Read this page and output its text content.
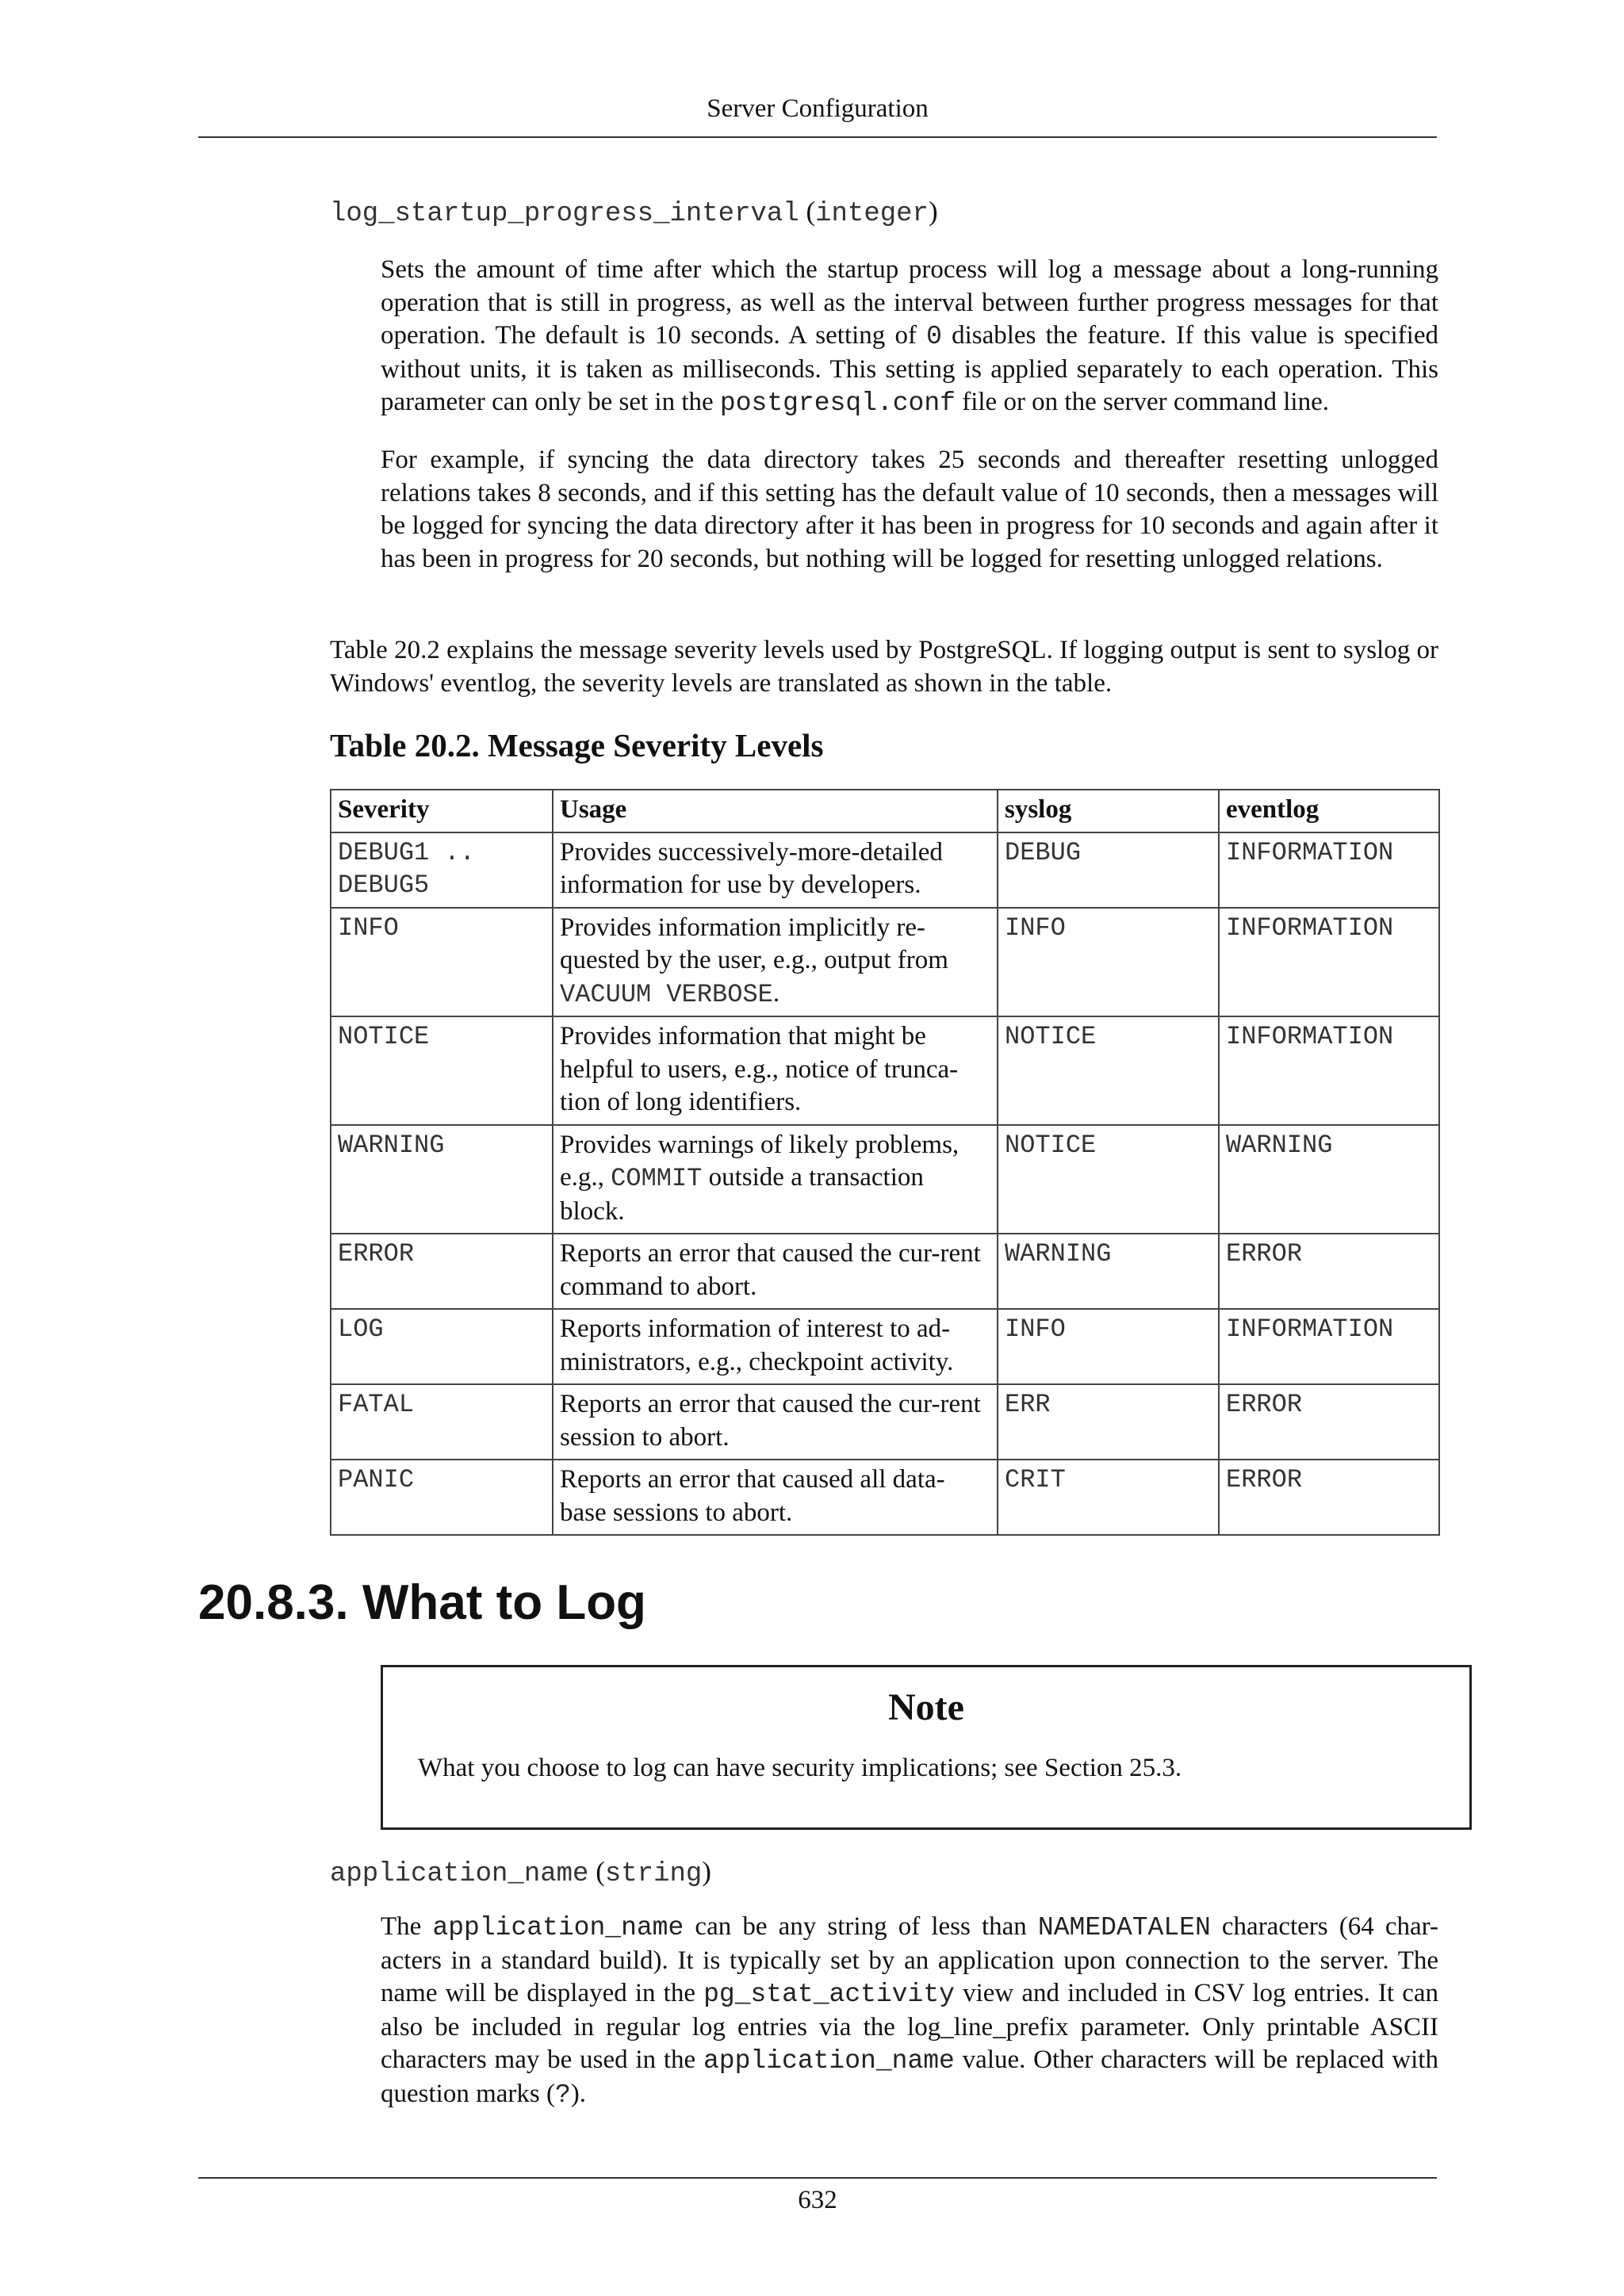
Server Configuration
log_startup_progress_interval (integer)
Sets the amount of time after which the startup process will log a message about a long-running operation that is still in progress, as well as the interval between further progress messages for that operation. The default is 10 seconds. A setting of 0 disables the feature. If this value is specified without units, it is taken as milliseconds. This setting is applied separately to each operation. This parameter can only be set in the postgresql.conf file or on the server command line.
For example, if syncing the data directory takes 25 seconds and thereafter resetting unlogged relations takes 8 seconds, and if this setting has the default value of 10 seconds, then a messages will be logged for syncing the data directory after it has been in progress for 10 seconds and again after it has been in progress for 20 seconds, but nothing will be logged for resetting unlogged relations.
Table 20.2 explains the message severity levels used by PostgreSQL. If logging output is sent to syslog or Windows' eventlog, the severity levels are translated as shown in the table.
Table 20.2. Message Severity Levels
Severity	Usage	syslog	eventlog
DEBUG1 .. DEBUG5	Provides successively-more-detailed information for use by developers.	DEBUG	INFORMATION
INFO	Provides information implicitly re-quested by the user, e.g., output from VACUUM VERBOSE.	INFO	INFORMATION
NOTICE	Provides information that might be helpful to users, e.g., notice of trunca-tion of long identifiers.	NOTICE	INFORMATION
WARNING	Provides warnings of likely problems, e.g., COMMIT outside a transaction block.	NOTICE	WARNING
ERROR	Reports an error that caused the cur-rent command to abort.	WARNING	ERROR
LOG	Reports information of interest to ad-ministrators, e.g., checkpoint activity.	INFO	INFORMATION
FATAL	Reports an error that caused the cur-rent session to abort.	ERR	ERROR
PANIC	Reports an error that caused all data-base sessions to abort.	CRIT	ERROR
20.8.3. What to Log
Note
What you choose to log can have security implications; see Section 25.3.
application_name (string)
The application_name can be any string of less than NAMEDATALEN characters (64 char-acters in a standard build). It is typically set by an application upon connection to the server. The name will be displayed in the pg_stat_activity view and included in CSV log entries. It can also be included in regular log entries via the log_line_prefix parameter. Only printable ASCII characters may be used in the application_name value. Other characters will be replaced with question marks (?).
632
